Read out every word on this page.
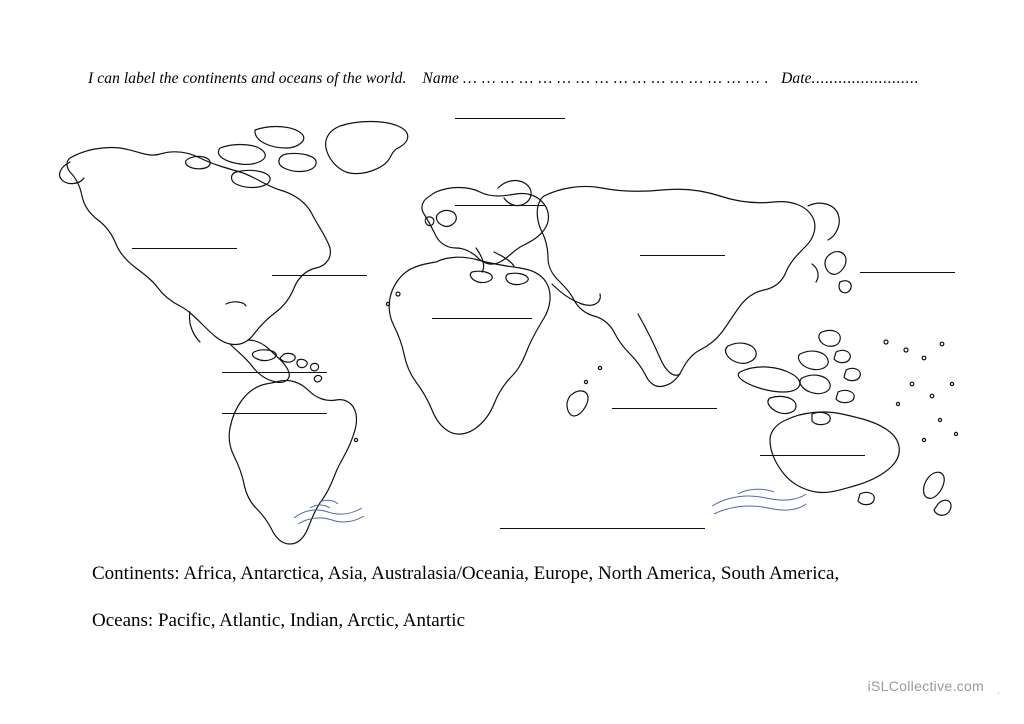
I can label the continents and oceans of the world. Name … … … … … … … … … … … … … … … … . Date........................
Continents: Africa, Antarctica, Asia, Australasia/Oceania, Europe, North America, South America,
Oceans: Pacific, Atlantic, Indian, Arctic, Antartic
iSLCollective.com .
